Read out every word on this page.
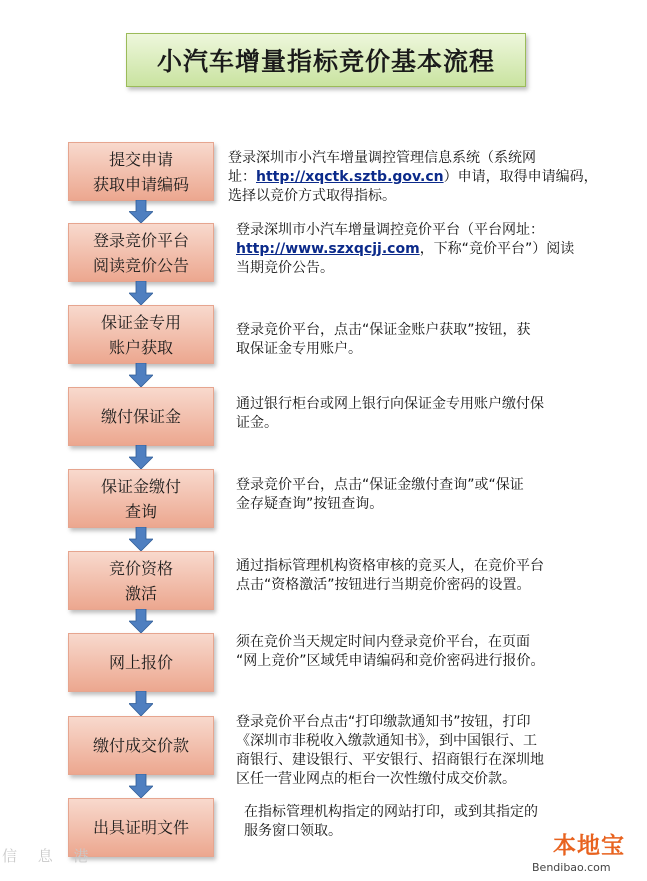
小汽车增量指标竞价基本流程
提交申请
获取申请编码
登录深圳市小汽车增量调控管理信息系统（系统网
址：http://xqctk.sztb.gov.cn）申请，取得申请编码，
选择以竞价方式取得指标。
登录竞价平台
阅读竞价公告
登录深圳市小汽车增量调控竞价平台（平台网址：
http://www.szxqcjj.com，下称“竞价平台”）阅读
当期竞价公告。
保证金专用
账户获取
登录竞价平台，点击“保证金账户获取”按钮，获
取保证金专用账户。
缴付保证金
通过银行柜台或网上银行向保证金专用账户缴付保
证金。
保证金缴付
查询
登录竞价平台，点击“保证金缴付查询”或“保证
金存疑查询”按钮查询。
竞价资格
激活
通过指标管理机构资格审核的竞买人，在竞价平台
点击“资格激活”按钮进行当期竞价密码的设置。
网上报价
须在竞价当天规定时间内登录竞价平台，在页面
“网上竞价”区域凭申请编码和竞价密码进行报价。
缴付成交价款
登录竞价平台点击“打印缴款通知书”按钮，打印
《深圳市非税收入缴款通知书》，到中国银行、工
商银行、建设银行、平安银行、招商银行在深圳地
区任一营业网点的柜台一次性缴付成交价款。
出具证明文件
在指标管理机构指定的网站打印，或到其指定的
服务窗口领取。
信 息 港	本地宝
Bendibao.com
